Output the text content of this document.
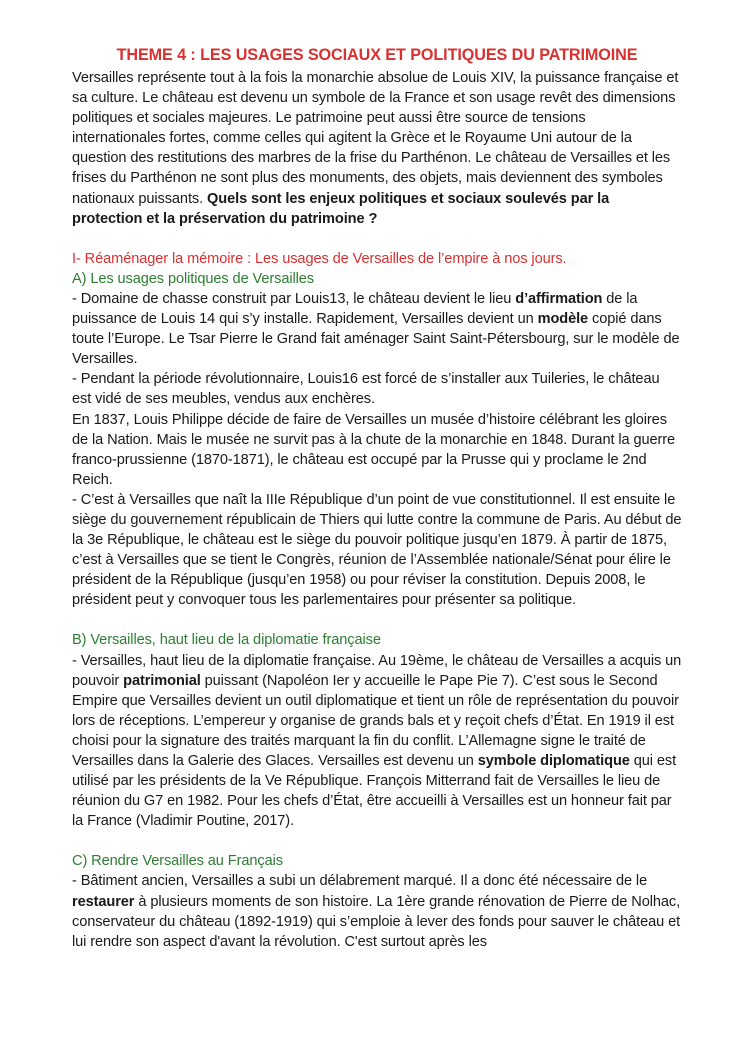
THEME 4 : LES USAGES SOCIAUX ET POLITIQUES DU PATRIMOINE

Versailles représente tout à la fois la monarchie absolue de Louis XIV, la puissance française et sa culture. Le château est devenu un symbole de la France et son usage revêt des dimensions politiques et sociales majeures. Le patrimoine peut aussi être source de tensions internationales fortes, comme celles qui agitent la Grèce et le Royaume Uni autour de la question des restitutions des marbres de la frise du Parthénon. Le château de Versailles et les frises du Parthénon ne sont plus des monuments, des objets, mais deviennent des symboles nationaux puissants. Quels sont les enjeux politiques et sociaux soulevés par la protection et la préservation du patrimoine ?

I- Réaménager la mémoire : Les usages de Versailles de l’empire à nos jours.

A) Les usages politiques de Versailles

- Domaine de chasse construit par Louis13, le château devient le lieu d’affirmation de la puissance de Louis 14 qui s’y installe. Rapidement, Versailles devient un modèle copié dans toute l’Europe. Le Tsar Pierre le Grand fait aménager Saint Saint-Pétersbourg, sur le modèle de Versailles.

- Pendant la période révolutionnaire, Louis16 est forcé de s’installer aux Tuileries, le château est vidé de ses meubles, vendus aux enchères.

En 1837, Louis Philippe décide de faire de Versailles un musée d’histoire célébrant les gloires de la Nation. Mais le musée ne survit pas à la chute de la monarchie en 1848. Durant la guerre franco-prussienne (1870-1871), le château est occupé par la Prusse qui y proclame le 2nd Reich.

- C’est à Versailles que naît la IIIe République d’un point de vue constitutionnel. Il est ensuite le siège du gouvernement républicain de Thiers qui lutte contre la commune de Paris. Au début de la 3e République, le château est le siège du pouvoir politique jusqu’en 1879. À partir de 1875, c’est à Versailles que se tient le Congrès, réunion de l’Assemblée nationale/Sénat pour élire le président de la République (jusqu’en 1958) ou pour réviser la constitution. Depuis 2008, le président peut y convoquer tous les parlementaires pour présenter sa politique.

B) Versailles, haut lieu de la diplomatie française

- Versailles, haut lieu de la diplomatie française. Au 19ème, le château de Versailles a acquis un pouvoir patrimonial puissant (Napoléon Ier y accueille le Pape Pie 7). C’est sous le Second Empire que Versailles devient un outil diplomatique et tient un rôle de représentation du pouvoir lors de réceptions. L’empereur y organise de grands bals et y reçoit chefs d’État. En 1919 il est choisi pour la signature des traités marquant la fin du conflit. L’Allemagne signe le traité de Versailles dans la Galerie des Glaces. Versailles est devenu un symbole diplomatique qui est utilisé par les présidents de la Ve République. François Mitterrand fait de Versailles le lieu de réunion du G7 en 1982. Pour les chefs d’État, être accueilli à Versailles est un honneur fait par la France (Vladimir Poutine, 2017).

C) Rendre Versailles au Français

- Bâtiment ancien, Versailles a subi un délabrement marqué. Il a donc été nécessaire de le restaurer à plusieurs moments de son histoire. La 1ère grande rénovation de Pierre de Nolhac, conservateur du château (1892-1919) qui s’emploie à lever des fonds pour sauver le château et lui rendre son aspect d'avant la révolution. C'est surtout après les
